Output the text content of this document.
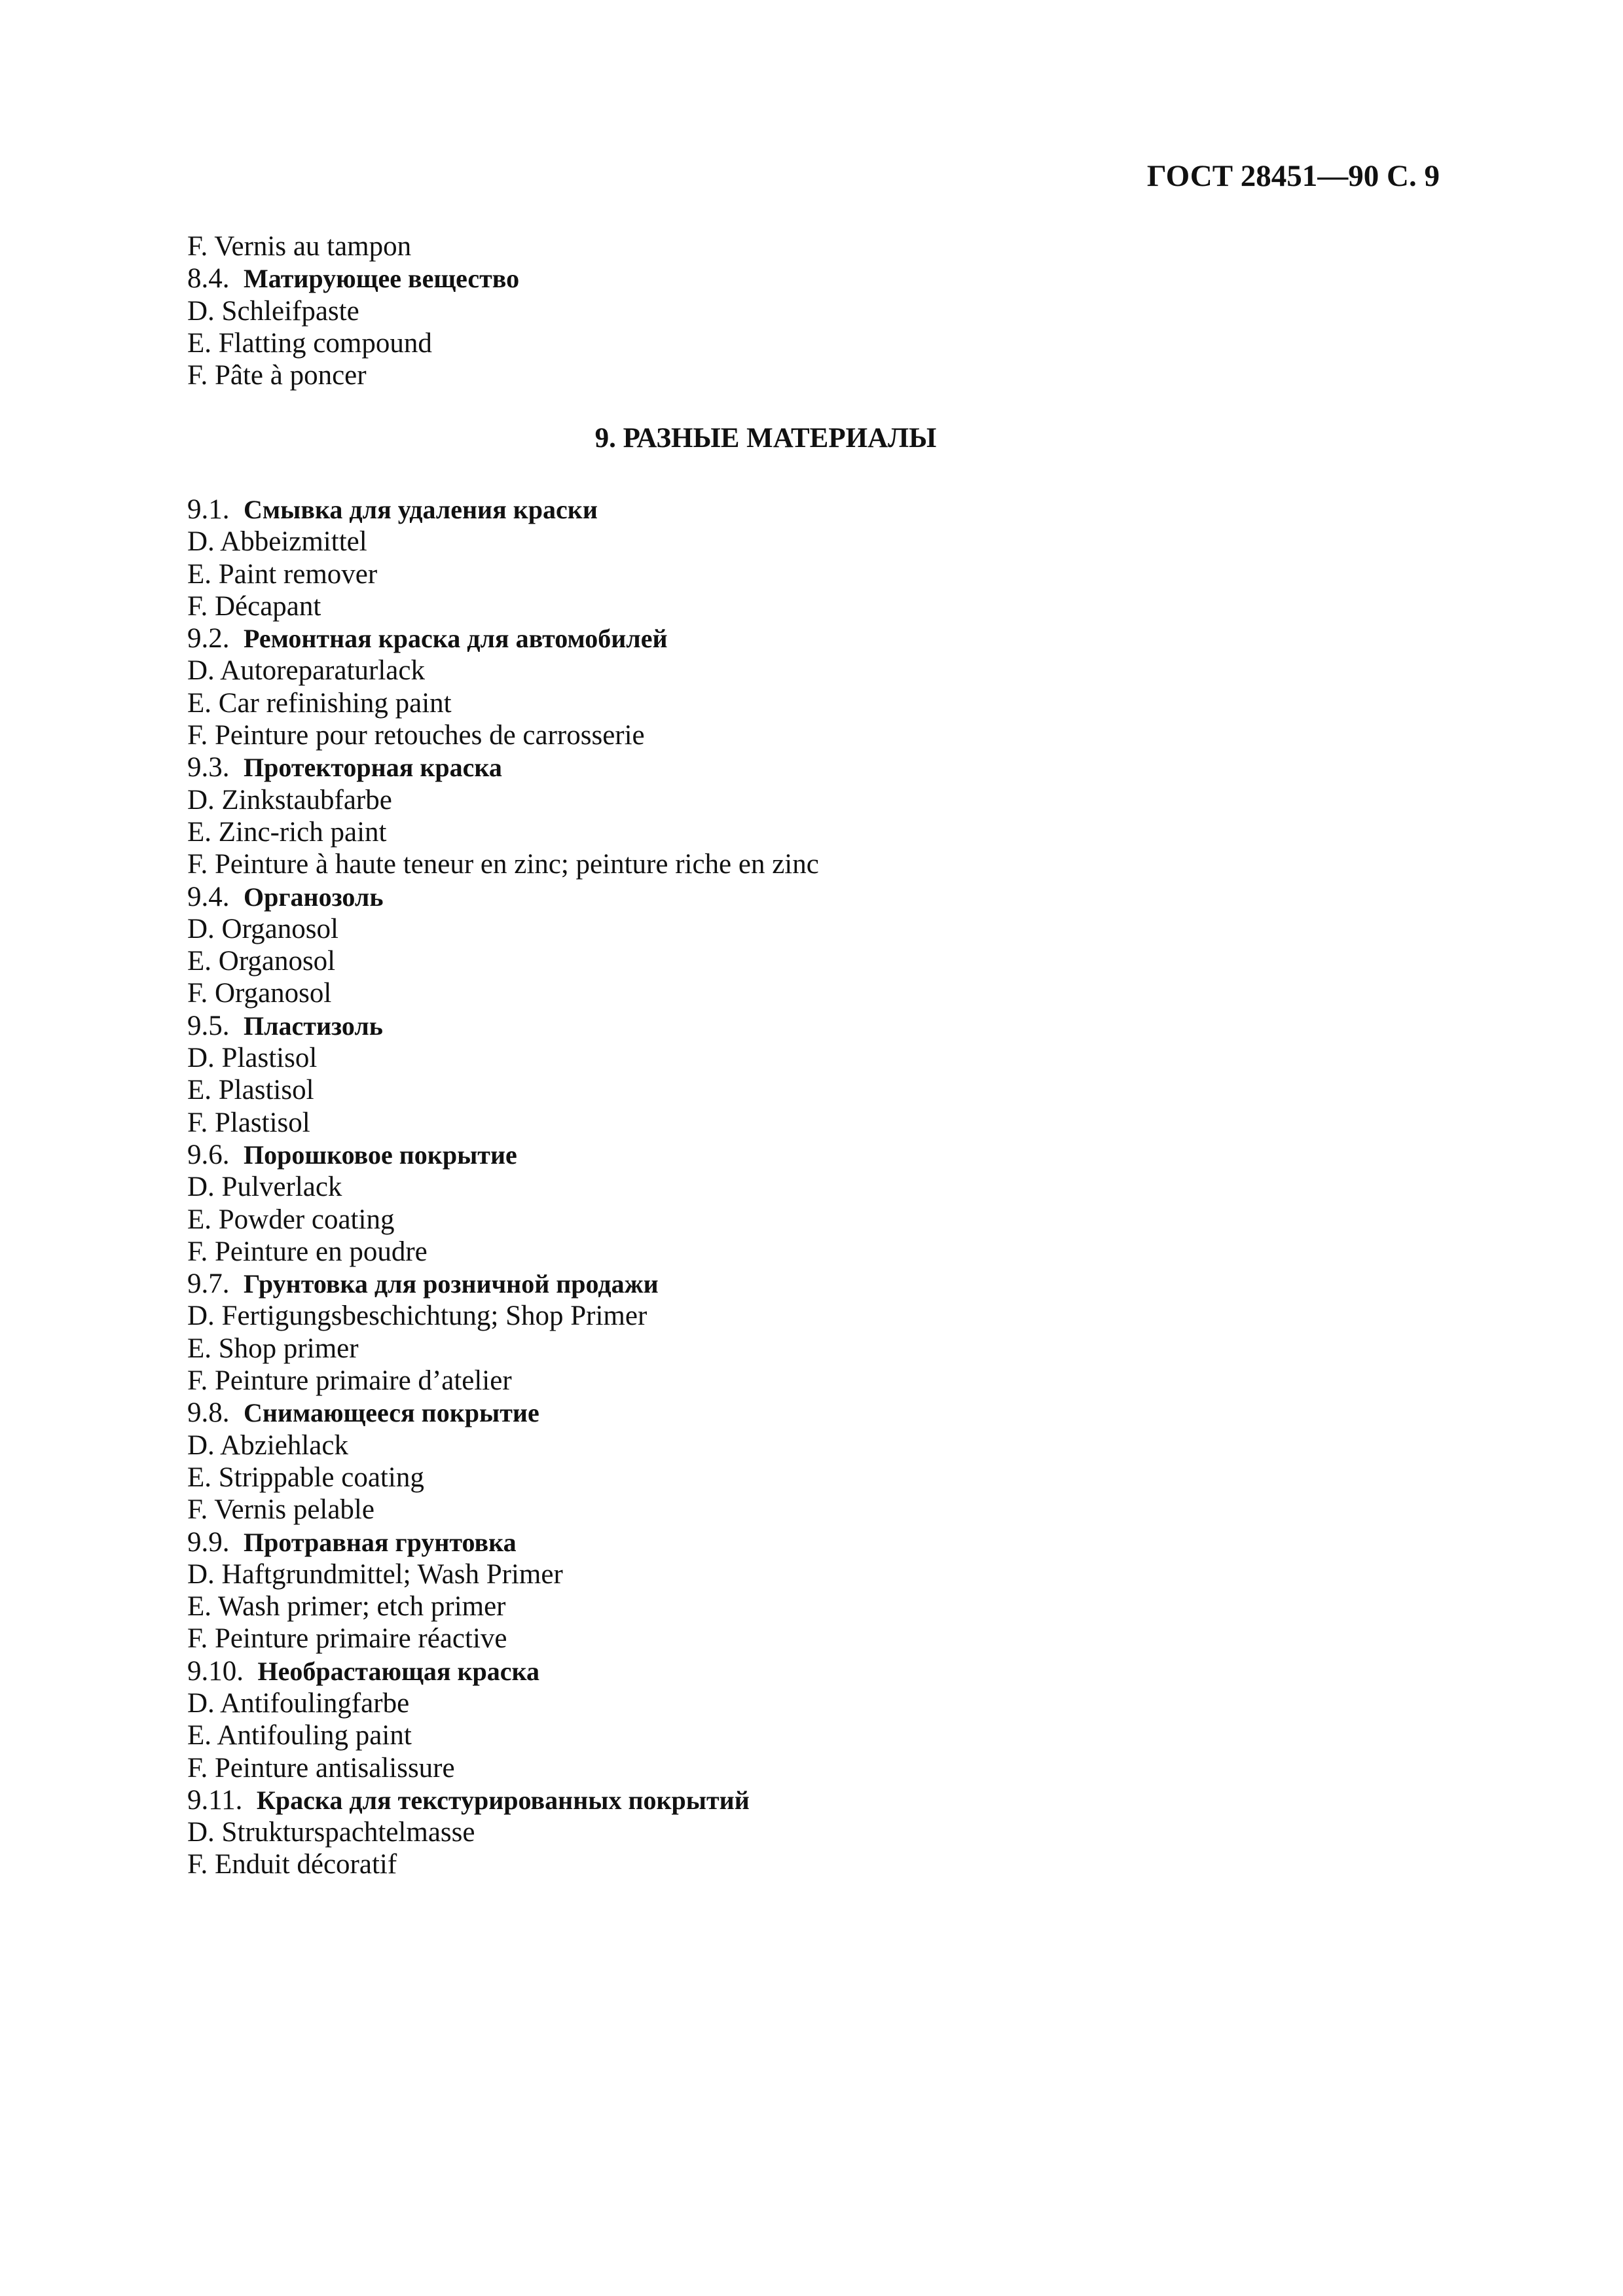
ГОСТ 28451—90 С. 9
F. Vernis au tampon
8.4. Матирующее вещество
D. Schleifpaste
E. Flatting compound
F. Pâte à poncer
9. РАЗНЫЕ МАТЕРИАЛЫ
9.1. Смывка для удаления краски
D. Abbeizmittel
E. Paint remover
F. Décapant
9.2. Ремонтная краска для автомобилей
D. Autoreparaturlack
E. Car refinishing paint
F. Peinture pour retouches de carrosserie
9.3. Протекторная краска
D. Zinkstaubfarbe
E. Zinc-rich paint
F. Peinture à haute teneur en zinc; peinture riche en zinc
9.4. Органозоль
D. Organosol
E. Organosol
F. Organosol
9.5. Пластизоль
D. Plastisol
E. Plastisol
F. Plastisol
9.6. Порошковое покрытие
D. Pulverlack
E. Powder coating
F. Peinture en poudre
9.7. Грунтовка для розничной продажи
D. Fertigungsbeschichtung; Shop Primer
E. Shop primer
F. Peinture primaire d’atelier
9.8. Снимающееся покрытие
D. Abziehlack
E. Strippable coating
F. Vernis pelable
9.9. Протравная грунтовка
D. Haftgrundmittel; Wash Primer
E. Wash primer; etch primer
F. Peinture primaire réactive
9.10. Необрастающая краска
D. Antifoulingfarbe
E. Antifouling paint
F. Peinture antisalissure
9.11. Краска для текстурированных покрытий
D. Strukturspachtelmasse
F. Enduit décoratif
